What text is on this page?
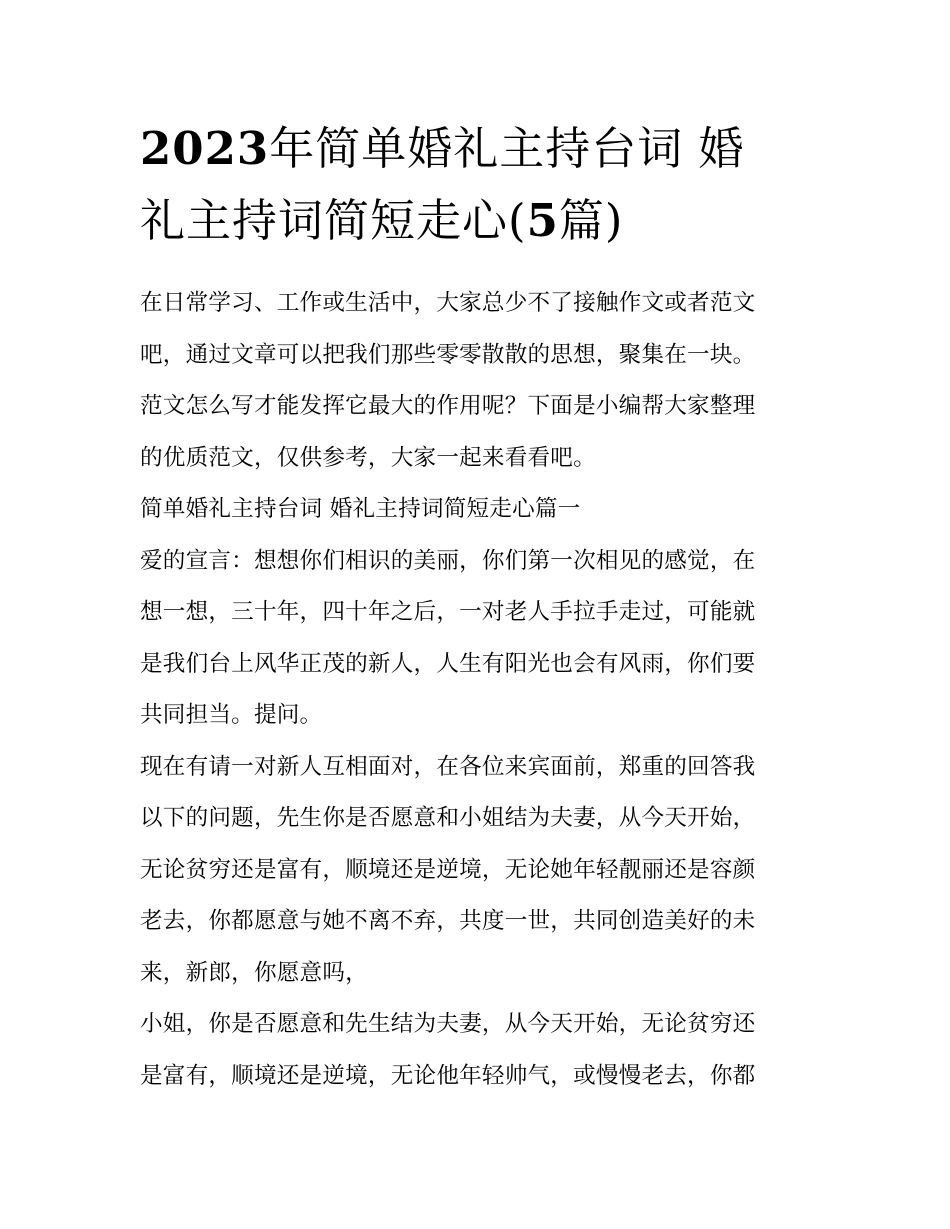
2023年简单婚礼主持台词 婚
礼主持词简短走心(5篇)

在日常学习、工作或生活中，大家总少不了接触作文或者范文

吧，通过文章可以把我们那些零零散散的思想，聚集在一块。

范文怎么写才能发挥它最大的作用呢？下面是小编帮大家整理

的优质范文，仅供参考，大家一起来看看吧。

简单婚礼主持台词 婚礼主持词简短走心篇一

爱的宣言：想想你们相识的美丽，你们第一次相见的感觉，在

想一想，三十年，四十年之后，一对老人手拉手走过，可能就

是我们台上风华正茂的新人，人生有阳光也会有风雨，你们要

共同担当。提问。

现在有请一对新人互相面对，在各位来宾面前，郑重的回答我

以下的问题，先生你是否愿意和小姐结为夫妻，从今天开始，

无论贫穷还是富有，顺境还是逆境，无论她年轻靓丽还是容颜

老去，你都愿意与她不离不弃，共度一世，共同创造美好的未

来，新郎，你愿意吗，

小姐，你是否愿意和先生结为夫妻，从今天开始，无论贫穷还

是富有，顺境还是逆境，无论他年轻帅气，或慢慢老去，你都
